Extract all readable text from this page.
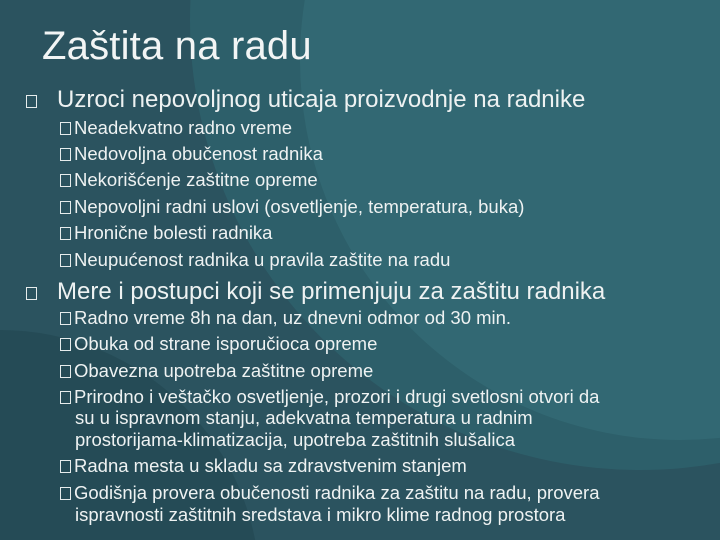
Zaštita na radu
Uzroci nepovoljnog uticaja proizvodnje na radnike
Neadekvatno radno vreme
Nedovoljna obučenost radnika
Nekorišćenje zaštitne opreme
Nepovoljni radni uslovi (osvetljenje, temperatura, buka)
Hronične bolesti radnika
Neupućenost radnika u pravila zaštite na radu
Mere i postupci koji se primenjuju za zaštitu radnika
Radno vreme 8h na dan, uz dnevni odmor od 30 min.
Obuka od strane isporučioca opreme
Obavezna upotreba zaštitne opreme
Prirodno i veštačko osvetljenje, prozori i drugi svetlosni otvori da
su u ispravnom stanju, adekvatna temperatura u radnim
prostorijama-klimatizacija, upotreba zaštitnih slušalica
Radna mesta u skladu sa zdravstvenim stanjem
Godišnja provera obučenosti radnika za zaštitu na radu, provera
ispravnosti zaštitnih sredstava i mikro klime radnog prostora
